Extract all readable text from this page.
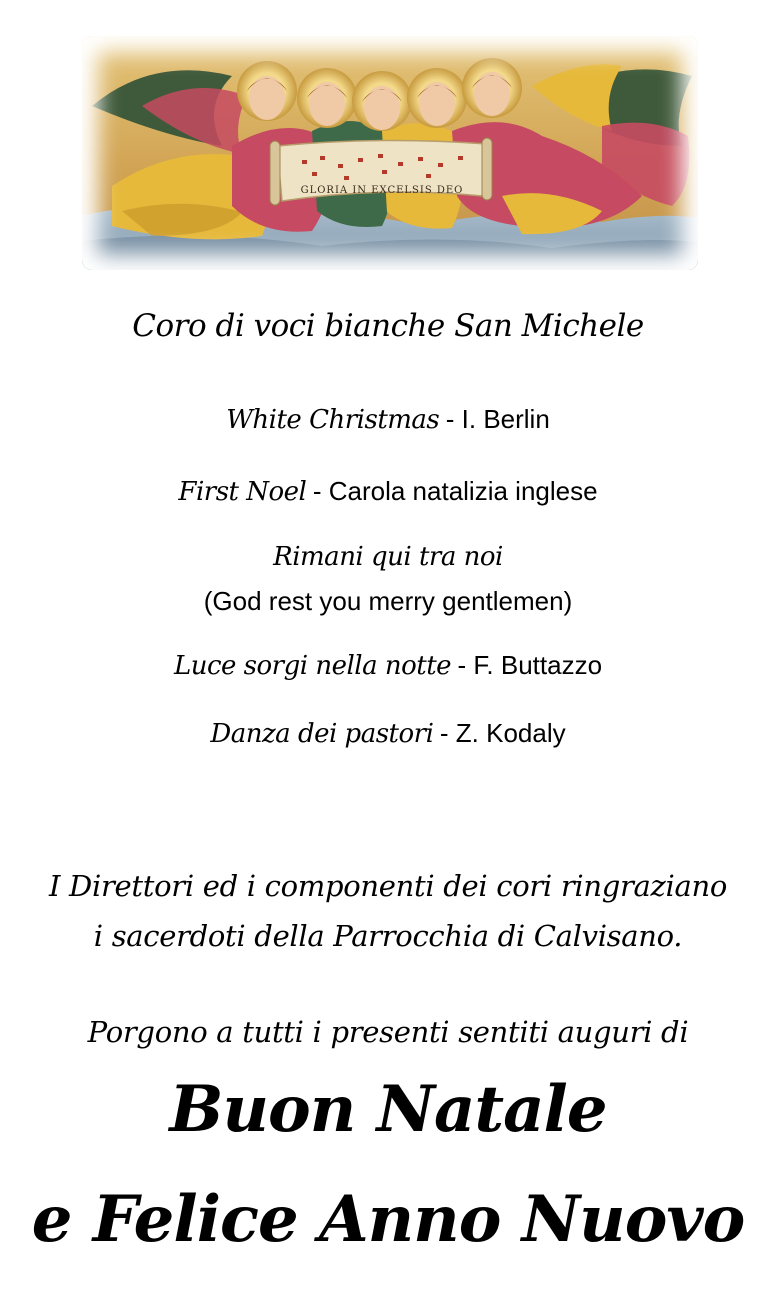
GLORIA IN EXCELSIS DEO
Coro di voci bianche San Michele
White Christmas - I. Berlin
First Noel - Carola natalizia inglese
Rimani qui tra noi
(God rest you merry gentlemen)
Luce sorgi nella notte - F. Buttazzo
Danza dei pastori - Z. Kodaly
I Direttori ed i componenti dei cori ringraziano
i sacerdoti della Parrocchia di Calvisano.
Porgono a tutti i presenti sentiti auguri di
Buon Natale
e Felice Anno Nuovo
